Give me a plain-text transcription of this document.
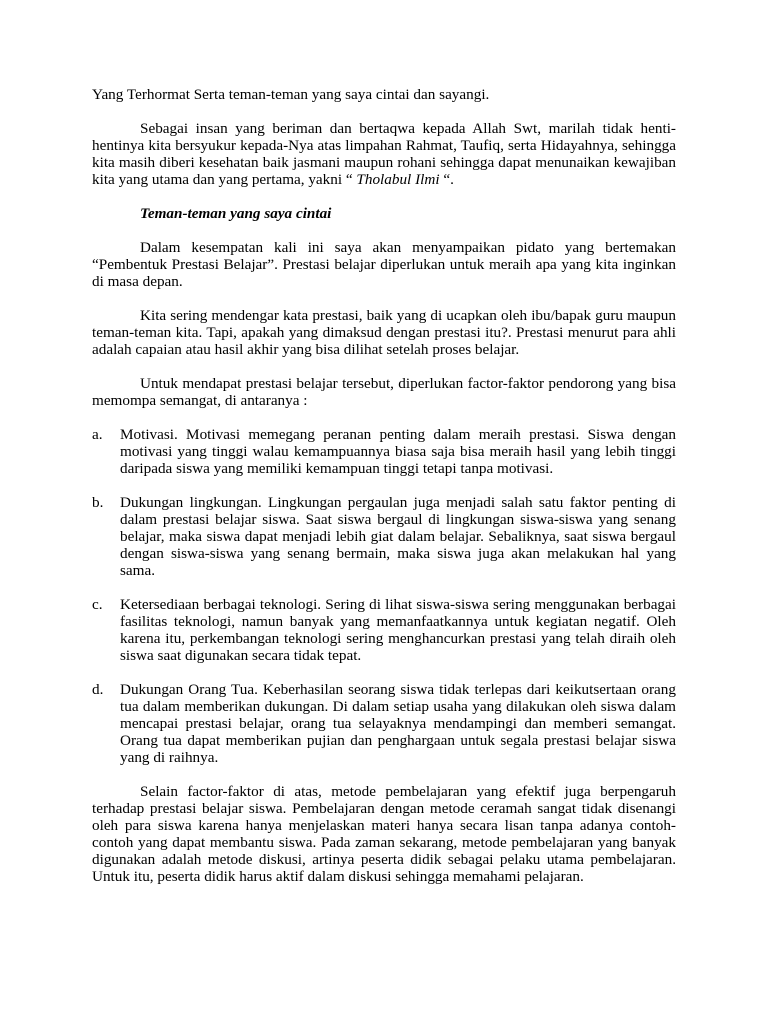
Yang Terhormat Serta teman-teman yang saya cintai dan sayangi.

Sebagai insan yang beriman dan bertaqwa kepada Allah Swt, marilah tidak henti-hentinya kita bersyukur kepada-Nya atas limpahan Rahmat, Taufiq, serta Hidayahnya, sehingga kita masih diberi kesehatan baik jasmani maupun rohani sehingga dapat menunaikan kewajiban kita yang utama dan yang pertama, yakni “ Tholabul Ilmi “.

Teman-teman yang saya cintai

Dalam kesempatan kali ini saya akan menyampaikan pidato yang bertemakan “Pembentuk Prestasi Belajar”. Prestasi belajar diperlukan untuk meraih apa yang kita inginkan di masa depan.

Kita sering mendengar kata prestasi, baik yang di ucapkan oleh ibu/bapak guru maupun teman-teman kita. Tapi, apakah yang dimaksud dengan prestasi itu?. Prestasi menurut para ahli adalah capaian atau hasil akhir yang bisa dilihat setelah proses belajar.

Untuk mendapat prestasi belajar tersebut, diperlukan factor-faktor pendorong yang bisa memompa semangat, di antaranya :

a. Motivasi. Motivasi memegang peranan penting dalam meraih prestasi. Siswa dengan motivasi yang tinggi walau kemampuannya biasa saja bisa meraih hasil yang lebih tinggi daripada siswa yang memiliki kemampuan tinggi tetapi tanpa motivasi.
b. Dukungan lingkungan. Lingkungan pergaulan juga menjadi salah satu faktor penting di dalam prestasi belajar siswa. Saat siswa bergaul di lingkungan siswa-siswa yang senang belajar, maka siswa dapat menjadi lebih giat dalam belajar. Sebaliknya, saat siswa bergaul dengan siswa-siswa yang senang bermain, maka siswa juga akan melakukan hal yang sama.
c. Ketersediaan berbagai teknologi. Sering di lihat siswa-siswa sering menggunakan berbagai fasilitas teknologi, namun banyak yang memanfaatkannya untuk kegiatan negatif. Oleh karena itu, perkembangan teknologi sering menghancurkan prestasi yang telah diraih oleh siswa saat digunakan secara tidak tepat.
d. Dukungan Orang Tua. Keberhasilan seorang siswa tidak terlepas dari keikutsertaan orang tua dalam memberikan dukungan. Di dalam setiap usaha yang dilakukan oleh siswa dalam mencapai prestasi belajar, orang tua selayaknya mendampingi dan memberi semangat. Orang tua dapat memberikan pujian dan penghargaan untuk segala prestasi belajar siswa yang di raihnya.

Selain factor-faktor di atas, metode pembelajaran yang efektif juga berpengaruh terhadap prestasi belajar siswa. Pembelajaran dengan metode ceramah sangat tidak disenangi oleh para siswa karena hanya menjelaskan materi hanya secara lisan tanpa adanya contoh-contoh yang dapat membantu siswa. Pada zaman sekarang, metode pembelajaran yang banyak digunakan adalah metode diskusi, artinya peserta didik sebagai pelaku utama pembelajaran. Untuk itu, peserta didik harus aktif dalam diskusi sehingga memahami pelajaran.
